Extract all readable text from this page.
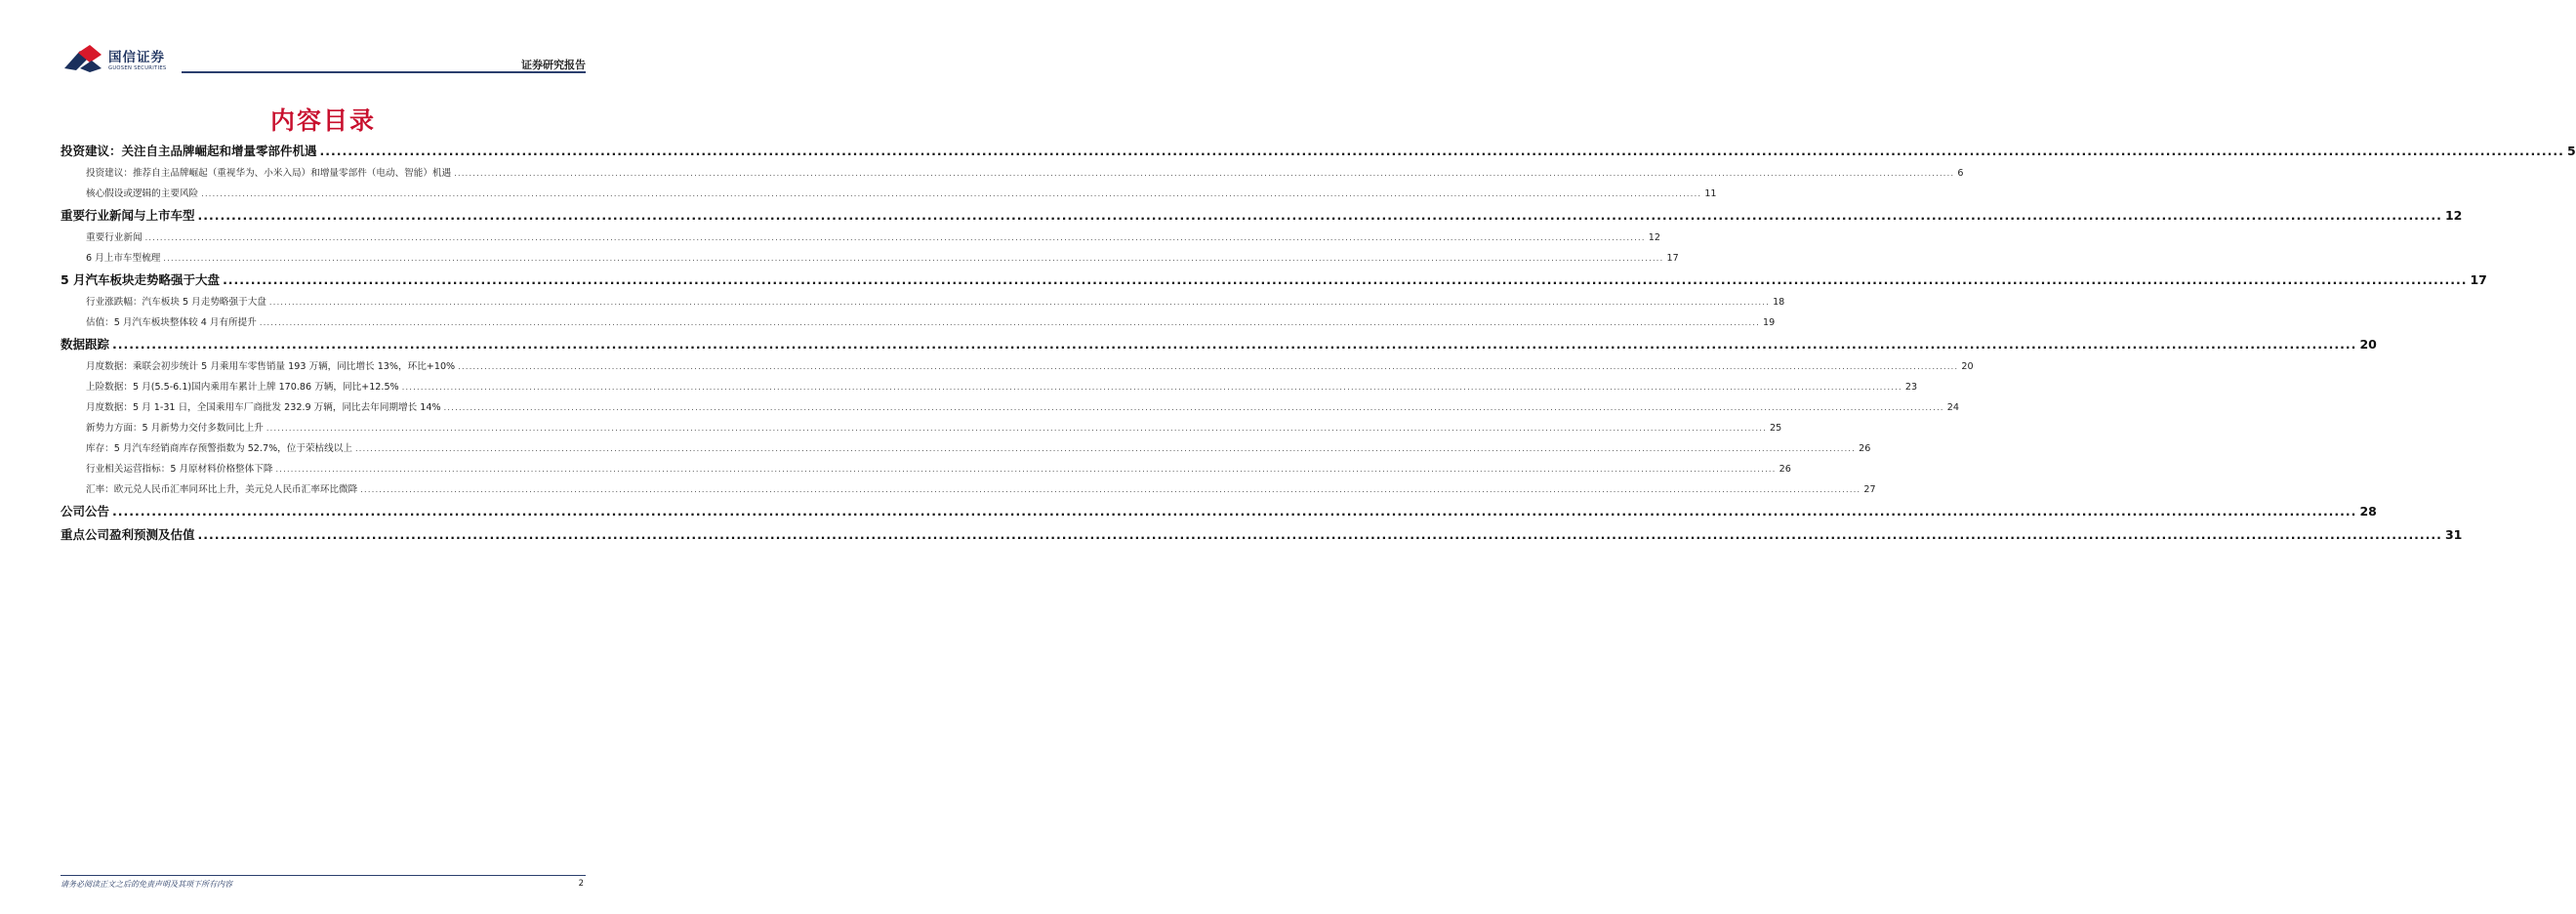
国信证券
GUOSEN SECURITIES	证券研究报告
内容目录
投资建议：关注自主品牌崛起和增量零部件机遇 ................................................................................................................................................................................................................................................................................................................................................................................................................ 5
投资建议：推荐自主品牌崛起（重视华为、小米入局）和增量零部件（电动、智能）机遇 ................................................................................................................................................................................................................................................................................................................................................................................................................ 6
核心假设或逻辑的主要风险 ................................................................................................................................................................................................................................................................................................................................................................................................................ 11
重要行业新闻与上市车型 ................................................................................................................................................................................................................................................................................................................................................................................................................ 12
重要行业新闻 ................................................................................................................................................................................................................................................................................................................................................................................................................ 12
6 月上市车型梳理 ................................................................................................................................................................................................................................................................................................................................................................................................................ 17
5 月汽车板块走势略强于大盘 ................................................................................................................................................................................................................................................................................................................................................................................................................ 17
行业涨跌幅：汽车板块 5 月走势略强于大盘 ................................................................................................................................................................................................................................................................................................................................................................................................................ 18
估值：5 月汽车板块整体较 4 月有所提升 ................................................................................................................................................................................................................................................................................................................................................................................................................ 19
数据跟踪 ................................................................................................................................................................................................................................................................................................................................................................................................................ 20
月度数据：乘联会初步统计 5 月乘用车零售销量 193 万辆，同比增长 13%，环比+10% ................................................................................................................................................................................................................................................................................................................................................................................................................ 20
上险数据：5 月(5.5-6.1)国内乘用车累计上牌 170.86 万辆，同比+12.5% ................................................................................................................................................................................................................................................................................................................................................................................................................ 23
月度数据：5 月 1-31 日，全国乘用车厂商批发 232.9 万辆，同比去年同期增长 14% ................................................................................................................................................................................................................................................................................................................................................................................................................ 24
新势力方面：5 月新势力交付多数同比上升 ................................................................................................................................................................................................................................................................................................................................................................................................................ 25
库存：5 月汽车经销商库存预警指数为 52.7%，位于荣枯线以上 ................................................................................................................................................................................................................................................................................................................................................................................................................ 26
行业相关运营指标：5 月原材料价格整体下降 ................................................................................................................................................................................................................................................................................................................................................................................................................ 26
汇率：欧元兑人民币汇率同环比上升，美元兑人民币汇率环比微降 ................................................................................................................................................................................................................................................................................................................................................................................................................ 27
公司公告 ................................................................................................................................................................................................................................................................................................................................................................................................................ 28
重点公司盈利预测及估值 ................................................................................................................................................................................................................................................................................................................................................................................................................ 31
请务必阅读正文之后的免责声明及其项下所有内容	2
